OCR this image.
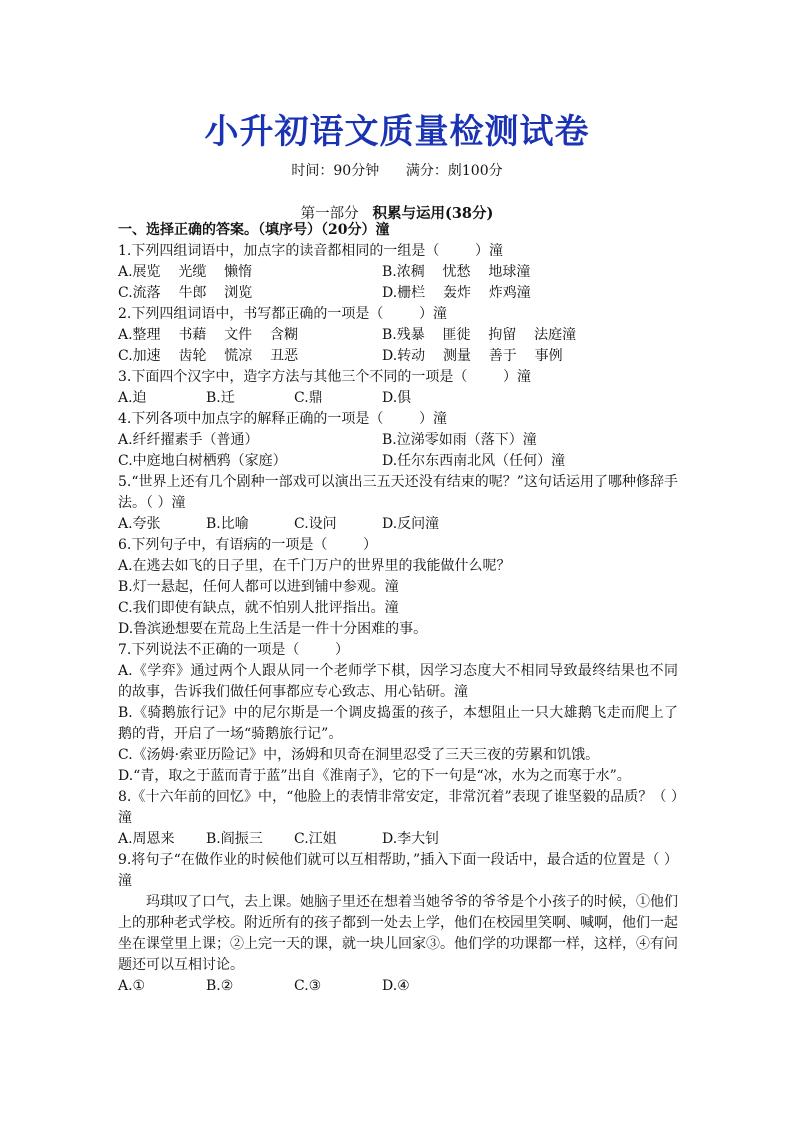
小升初语文质量检测试卷
时间：90分钟      满分：㓟100分
第一部分 积累与运用(38分)
一、选择正确的答案。（填序号）（20分）潼
1.下列四组词语中，加点字的读音都相同的一组是（        ）潼
A.展览    光缆    懒惰	B.浓稠    忧愁    地球潼
C.流落    牛郎    浏览	D.栅栏    轰炸    炸鸡潼
2.下列四组词语中，书写都正确的一项是（        ）潼
A.整理    书藉    文件    含糊	B.残暴    匪徙    拘留    法庭潼
C.加速    齿轮    慌凉    丑恶	D.转动    测量    善于    事例
3.下面四个汉字中，造字方法与其他三个不同的一项是（        ）潼
A.迫	B.迁	C.鼎	D.俱
4.下列各项中加点字的解释正确的一项是（        ）潼
A.纤纤擢素手（普通）	B.泣涕零如雨（落下）潼
C.中庭地白树栖鸦（家庭）	D.任尔东西南北风（任何）潼
5.“世界上还有几个剧种一部戏可以演出三五天还没有结束的呢？”这句话运用了哪种修辞手法。（ ）潼
A.夸张	B.比喻	C.设问	D.反问潼
6.下列句子中，有语病的一项是（        ）
A.在逃去如飞的日子里，在千门万户的世界里的我能做什么呢？
B.灯一悬起，任何人都可以进到铺中参观。潼
C.我们即使有缺点，就不怕别人批评指出。潼
D.鲁滨逊想要在荒岛上生活是一件十分困难的事。
7.下列说法不正确的一项是（        ）
A.《学弈》通过两个人跟从同一个老师学下棋，因学习态度大不相同导致最终结果也不同的故事，告诉我们做任何事都应专心致志、用心钻研。潼
B.《骑鹅旅行记》中的尼尔斯是一个调皮捣蛋的孩子，本想阻止一只大雄鹅飞走而爬上了鹅的背，开启了一场“骑鹅旅行记”。
C.《汤姆·索亚历险记》中，汤姆和贝奇在洞里忍受了三天三夜的劳累和饥饿。
D.“青，取之于蓝而青于蓝”出自《淮南子》，它的下一句是“冰，水为之而寒于水”。
8.《十六年前的回忆》中，“他脸上的表情非常安定，非常沉着”表现了谁坚毅的品质？（ ）潼
A.周恩来 B.阎振三 C.江姐	D.李大钊
9.将句子“在做作业的时候他们就可以互相帮助，”插入下面一段话中，最合适的位置是（ ）潼
玛琪叹了口气，去上课。她脑子里还在想着当她爷爷的爷爷是个小孩子的时候，①他们上的那种老式学校。附近所有的孩子都到一处去上学，他们在校园里笑啊、喊啊，他们一起坐在课堂里上课；②上完一天的课，就一块儿回家③。他们学的功课都一样，这样，④有问题还可以互相讨论。
A.①	B.②	C.③	D.④
